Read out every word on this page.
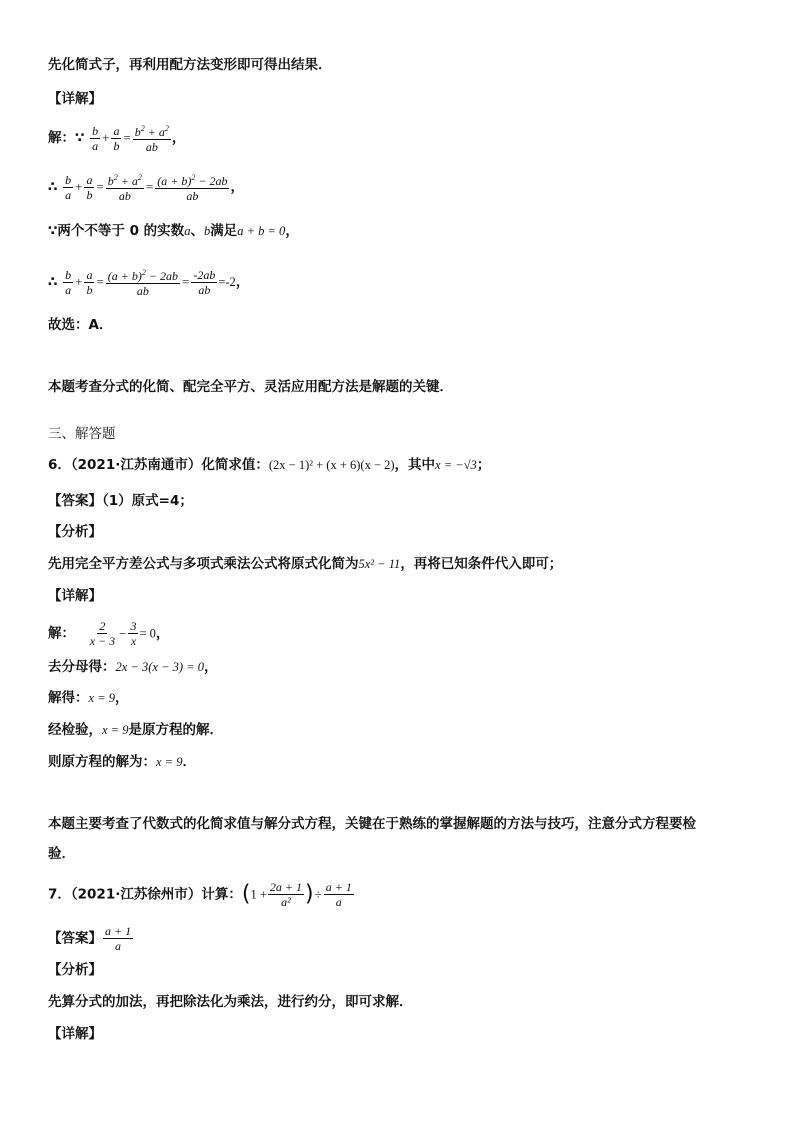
先化简式子，再利用配方法变形即可得出结果．
【详解】
解：∵ $\frac{b}{a} + \frac{a}{b} = \frac{b^2 + a^2}{ab}$ ，
∴ $\frac{b}{a} + \frac{a}{b} = \frac{b^2 + a^2}{ab} = \frac{(a + b)^2 - 2ab}{ab}$ ，
∵两个不等于 0 的实数a、b满足a + b = 0，
∴ $\frac{b}{a} + \frac{a}{b} = \frac{(a + b)^2 - 2ab}{ab} = \frac{-2ab}{ab} =-2$，
故选：A．
本题考查分式的化简、配完全平方、灵活应用配方法是解题的关键．
三、解答题
6．（2021·江苏南通市）化简求值：(2x − 1)² + (x + 6)(x − 2)，其中x = −√3；
【答案】（1）原式=4；
【分析】
先用完全平方差公式与多项式乘法公式将原式化简为5x² − 11，再将已知条件代入即可；
【详解】
解： $\frac{2}{x - 3} - \frac{3}{x} = 0$，
去分母得：2x − 3(x − 3) = 0，
解得：x = 9，
经检验，x = 9是原方程的解．
则原方程的解为：x = 9．
本题主要考查了代数式的化简求值与解分式方程，关键在于熟练的掌握解题的方法与技巧，注意分式方程要检
验．
7．（2021·江苏徐州市）计算：($1 + \frac{2a + 1}{\text{a²}}$ )÷ $\frac{a + 1}{a}$
【答案】 $\frac{a + 1}{a}$
【分析】
先算分式的加法，再把除法化为乘法，进行约分，即可求解．
【详解】
